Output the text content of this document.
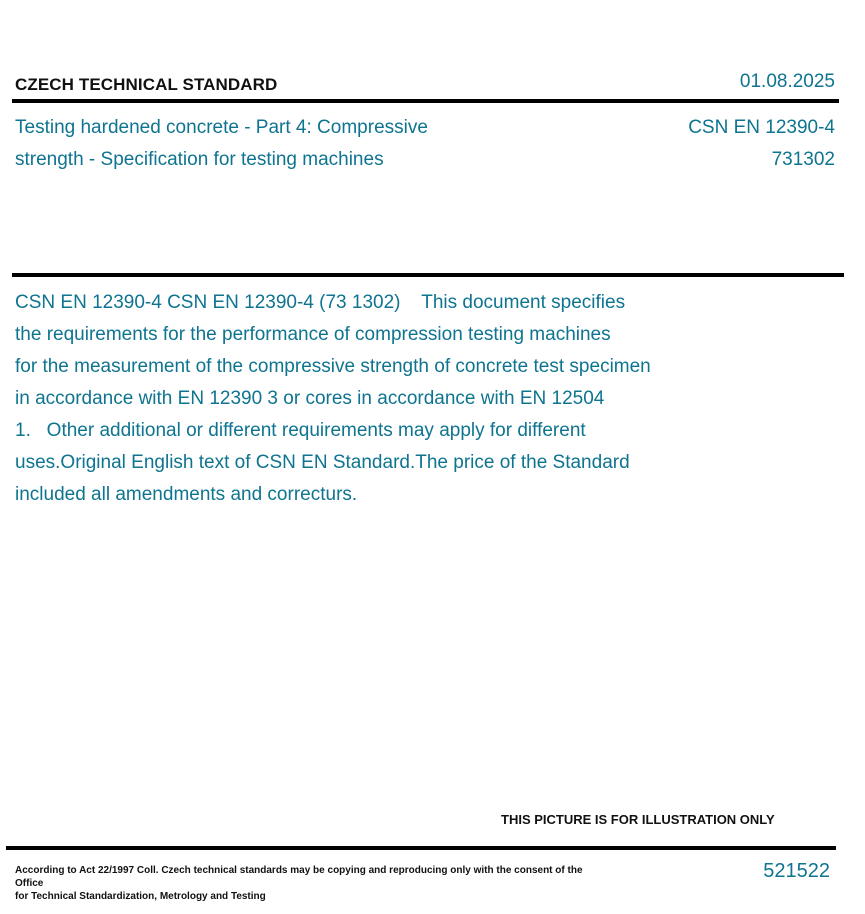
CZECH TECHNICAL STANDARD	01.08.2025
Testing hardened concrete - Part 4: Compressive
strength - Specification for testing machines
CSN EN 12390-4
731302
CSN EN 12390-4 CSN EN 12390-4 (73 1302)    This document specifies
the requirements for the performance of compression testing machines
for the measurement of the compressive strength of concrete test specimen
in accordance with EN 12390 3 or cores in accordance with EN 12504
1.   Other additional or different requirements may apply for different
uses.Original English text of CSN EN Standard.The price of the Standard
included all amendments and correcturs.
THIS PICTURE IS FOR ILLUSTRATION ONLY
According to Act 22/1997 Coll. Czech technical standards may be copying and reproducing only with the consent of the Office
for Technical Standardization, Metrology and Testing
521522
